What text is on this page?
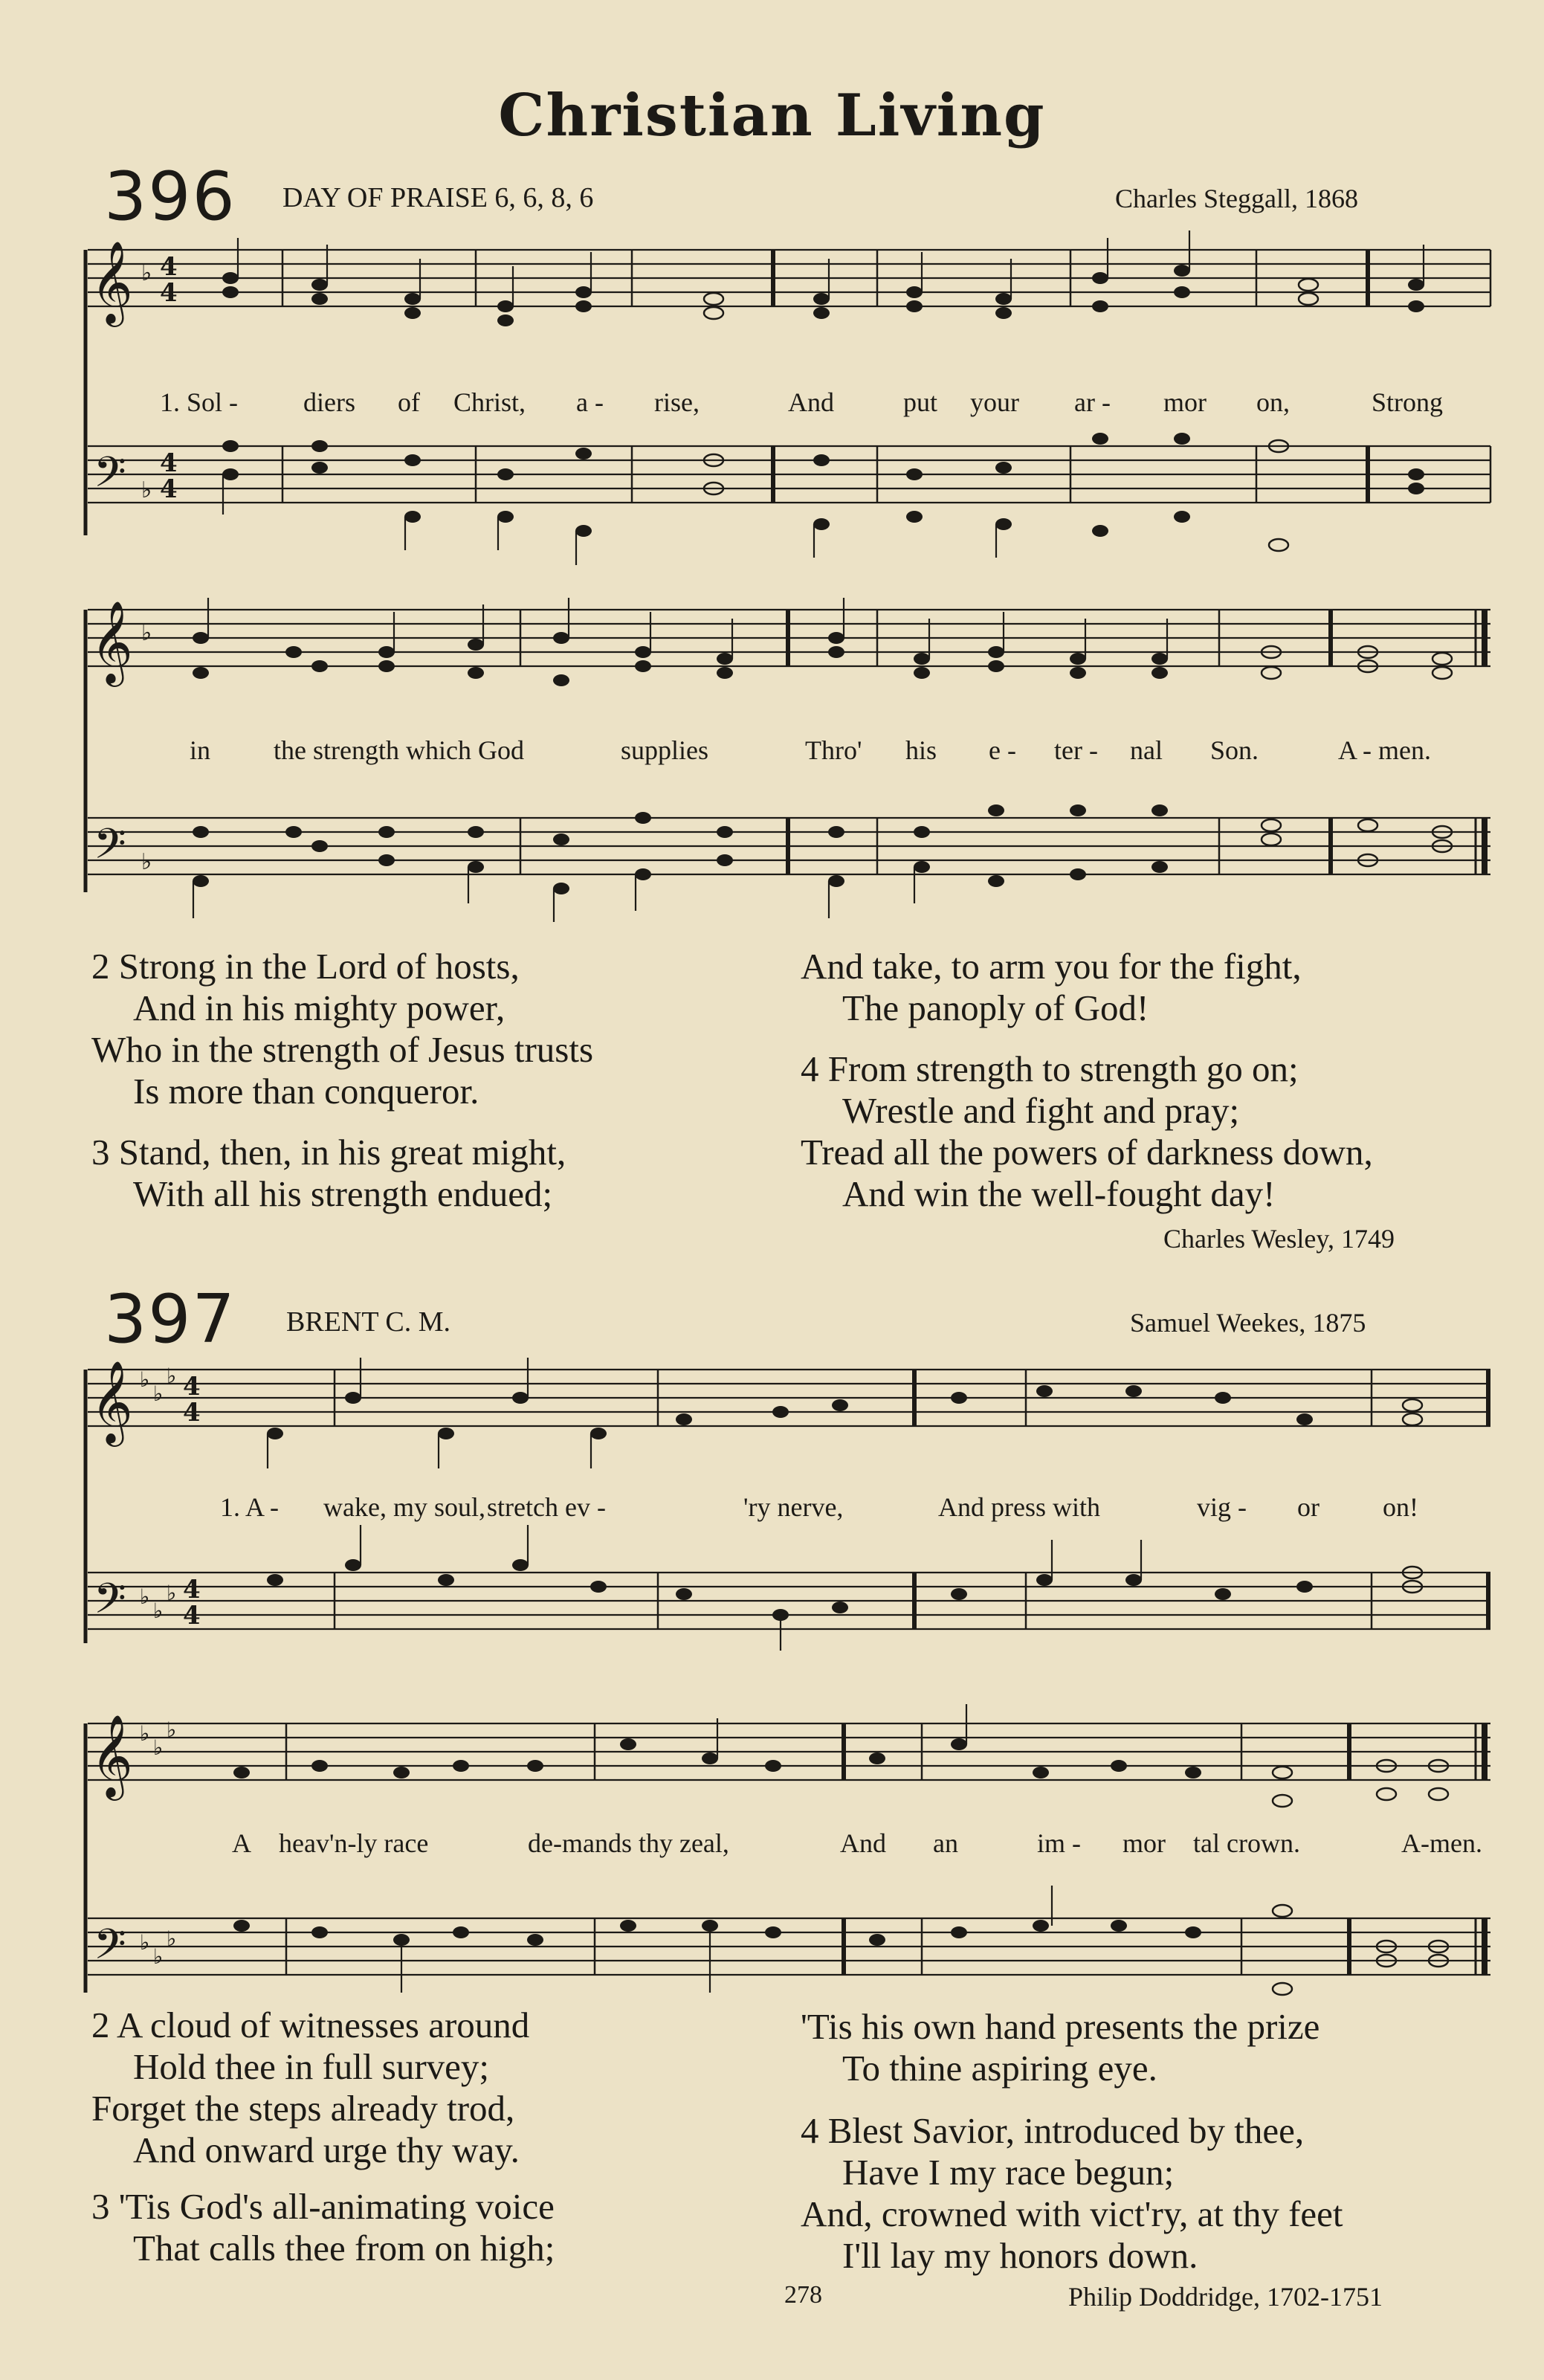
Christian Living
396 DAY OF PRAISE 6, 6, 8, 6	Charles Steggall, 1868
𝄞 ♭ 4
4
𝄢 ♭
4
4
𝄞 ♭
𝄢 ♭
1. Sol - diers of Christ, a - rise,	And	put your ar - mor on,	Strong
in the strength which God	supplies	Thro' his e - ter - nal Son.	A - men.
2 Strong in the Lord of hosts,
And in his mighty power,
Who in the strength of Jesus trusts
Is more than conqueror.
3 Stand, then, in his great might,
With all his strength endued;
And take, to arm you for the fight,
The panoply of God!
4 From strength to strength go on;
Wrestle and fight and pray;
Tread all the powers of darkness down,
And win the well-fought day!
Charles Wesley, 1749
397 BRENT C. M.	Samuel Weekes, 1875
𝄞 ♭
♭
♭ 4
4
𝄢 ♭
♭
♭ 4
4
𝄞 ♭
♭
♭
𝄢 ♭
♭
♭
1. A - wake, my soul, stretch ev -	'ry nerve,	And press with	vig - or on!
A heav'n-ly race	de-mands thy zeal,	And an	im - mor tal crown.	A-men.
2 A cloud of witnesses around
Hold thee in full survey;
Forget the steps already trod,
And onward urge thy way.
3 'Tis God's all-animating voice
That calls thee from on high;
'Tis his own hand presents the prize
To thine aspiring eye.
4 Blest Savior, introduced by thee,
Have I my race begun;
And, crowned with vict'ry, at thy feet
I'll lay my honors down.
278	Philip Doddridge, 1702-1751
